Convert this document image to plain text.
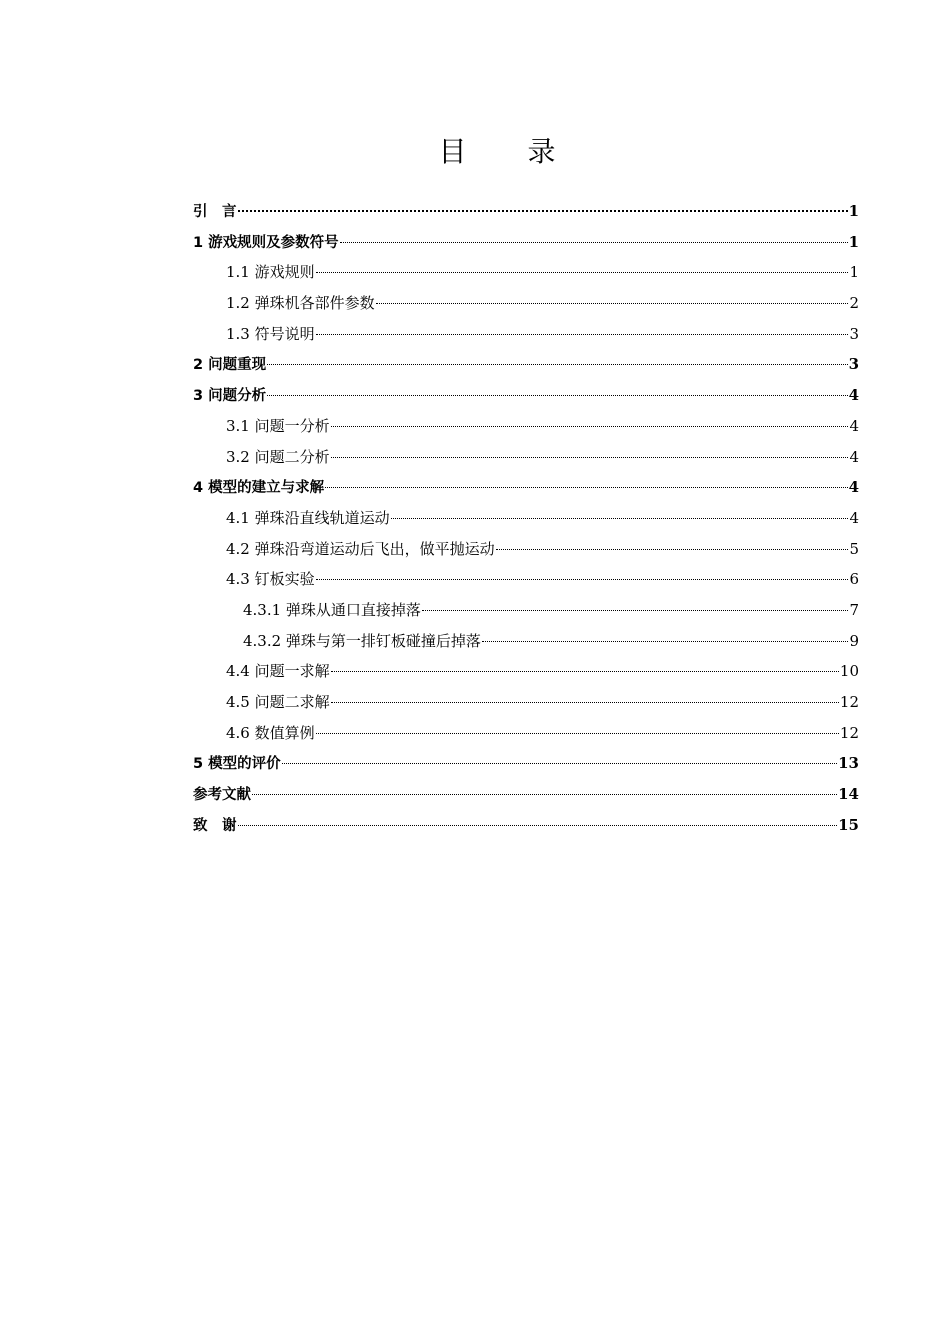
目 录
引　言	1
1 游戏规则及参数符号	1
1.1 游戏规则	1
1.2 弹珠机各部件参数	2
1.3 符号说明	3
2 问题重现	3
3 问题分析	4
3.1 问题一分析	4
3.2 问题二分析	4
4 模型的建立与求解	4
4.1 弹珠沿直线轨道运动	4
4.2 弹珠沿弯道运动后飞出，做平抛运动	5
4.3 钉板实验	6
4.3.1 弹珠从通口直接掉落	7
4.3.2 弹珠与第一排钉板碰撞后掉落	9
4.4 问题一求解	10
4.5 问题二求解	12
4.6 数值算例	12
5 模型的评价	13
参考文献	14
致　谢	15
